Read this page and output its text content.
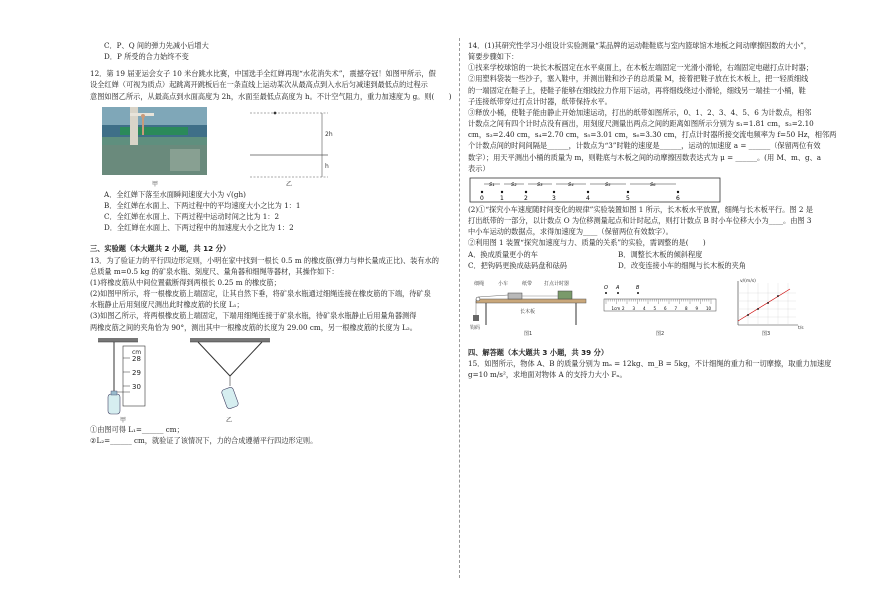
C．P、Q 间的弹力先减小后增大
D．P 所受的合力始终不变
12．第 19 届亚运会女子 10 米台跳水比赛，中国选手全红婵再现“水花消失术”，震撼夺冠！如图甲所示，假
设全红婵（可视为质点）起跳离开跳板后在一条直线上运动某次从最高点到入水后匀减速到最低点的过程示
意图如图乙所示，从最高点到水面高度为 2h，水面至最低点高度为 h。不计空气阻力，重力加速度为 g。则(　　)
甲
2h
h
乙
A．全红婵下落至水面瞬间速度大小为 √(gh)
B．全红婵在水面上、下两过程中的平均速度大小之比为 1：1
C．全红婵在水面上、下两过程中运动时间之比为 1：2
D．全红婵在水面上、下两过程中的加速度大小之比为 1：2
三、实验题（本大题共 2 小题，共 12 分）
13．为了验证力的平行四边形定则，小明在家中找到一根长 0.5 m 的橡皮筋(弹力与伸长量成正比)、装有水的
总质量 m=0.5 kg 的矿泉水瓶、刻度尺、量角器和细绳等器材，其操作如下：
(1)将橡皮筋从中间位置截断得到两根长 0.25 m 的橡皮筋；
(2)如图甲所示，将一根橡皮筋上端固定，让其自然下垂，将矿泉水瓶通过细绳连接在橡皮筋的下端，待矿泉
水瓶静止后用刻度尺测出此时橡皮筋的长度 L₁；
(3)如图乙所示，将两根橡皮筋上端固定，下端用细绳连接于矿泉水瓶，待矿泉水瓶静止后用量角器测得
两橡皮筋之间的夹角恰为 90°，测出其中一根橡皮筋的长度为 29.00 cm，另一根橡皮筋的长度为 L₂。
cm
28
29
30
甲	乙
①由图可得 L₁=______ cm；
②L₂=______ cm，就验证了该情况下，力的合成遵循平行四边形定则。
14．(1)其研究性学习小组设计实验测量“某品牌的运动鞋鞋底与室内篮球馆木地板之间动摩擦因数的大小”，
简要步骤如下：
①找来学校球馆的一块长木板固定在水平桌面上，在木板左端固定一光滑小滑轮，右端固定电磁打点计时器；
②用塑料袋装一些沙子，塞入鞋中，并测出鞋和沙子的总质量 M，接着把鞋子放在长木板上，把一轻质细线
的一端固定在鞋子上，使鞋子能够在细线拉力作用下运动，再将细线绕过小滑轮，细线另一端挂一小桶，鞋
子连接纸带穿过打点计时器，纸带保持水平。
③释放小桶，使鞋子能由静止开始加速运动，打出的纸带如图所示，0、1、2、3、4、5、6 为计数点，相邻
计数点之间有四个计时点没有画出，用刻度尺测量出两点之间的距离如图所示分别为 s₁=1.81 cm，s₂=2.10
cm，s₃=2.40 cm，s₄=2.70 cm，s₅=3.01 cm，s₆=3.30 cm，打点计时器所接交流电频率为 f=50 Hz，相邻两
个计数点间的时间间隔是______，计数点为“3”时鞋的速度是______，运动的加速度 a = ______（保留两位有效
数字）；用天平测出小桶的质量为 m，则鞋底与木板之间的动摩擦因数表达式为 μ = ______。(用 M、m、g、a
表示）
0	1	2	3	4	5	6
s₁	s₂	s₃	s₄	s₅	s₆
(2)①“探究小车速度随时间变化的规律”实验装置如图 1 所示，长木板水平放置，细绳与长木板平行。图 2 是
打出纸带的一部分，以计数点 O 为位移测量起点和计时起点，则打计数点 B 时小车位移大小为____。由图 3
中小车运动的数据点，求得加速度为____（保留两位有效数字）。
②利用图 1 装置“探究加速度与力、质量的关系”的实验，需调整的是(　　)
A．换成质量更小的车	B．调整长木板的倾斜程度
C．把钩码更换成砝码盘和砝码	D．改变连接小车的细绳与长木板的夹角
细绳	小车	纸带 打点计时器
长木板
钩码
图1
O A	B
1cm 2 3 4 5 6 7 8 9 10
图2
v/(m/s)
t/s
图3
四、解答题（本大题共 3 小题，共 39 分）
15．如图所示，物体 A、B 的质量分别为 mₐ = 12kg、m_B = 5kg，不计细绳的重力和一切摩擦，取重力加速度
g=10 m/s²，求地面对物体 A 的支持力大小 Fₙ。
